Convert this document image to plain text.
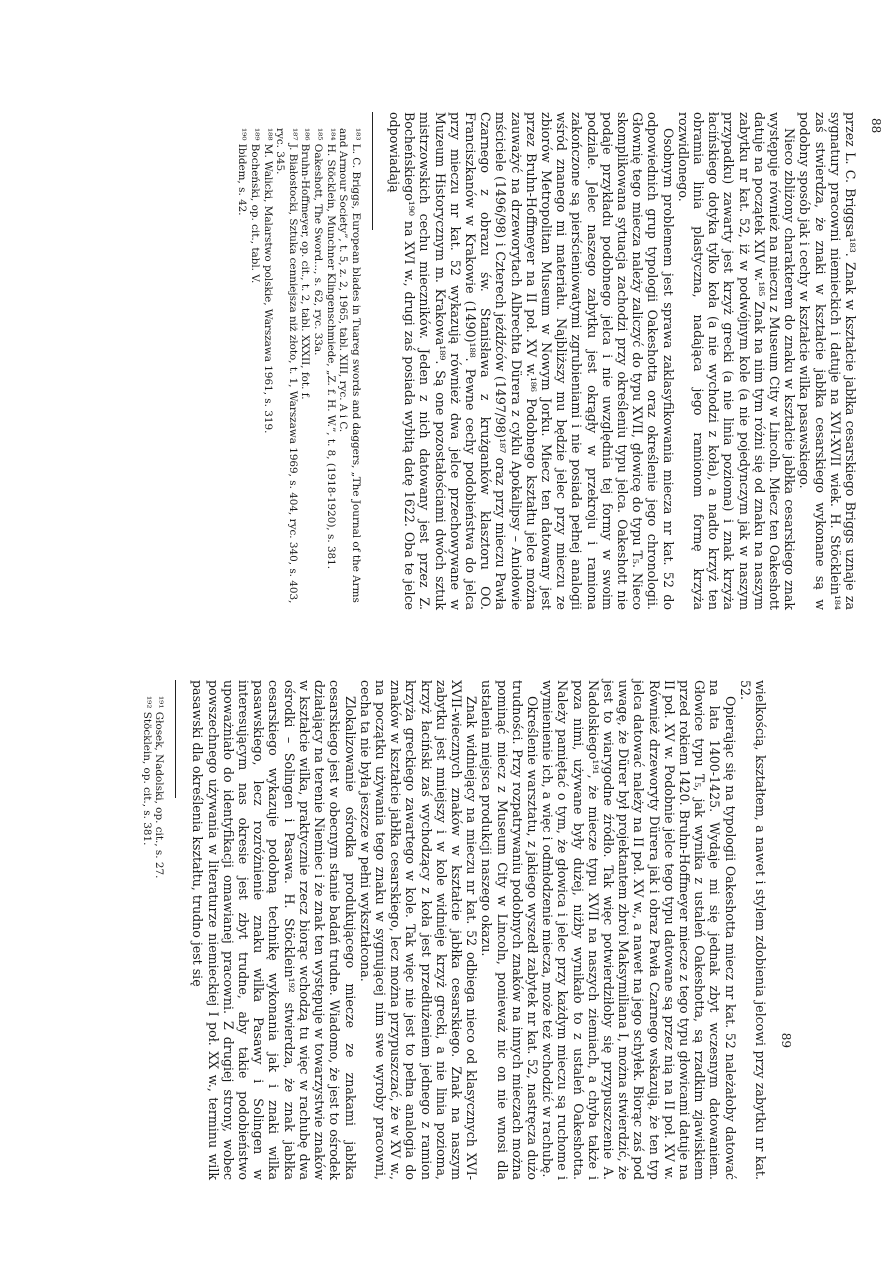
88

przez L. C. Briggsa¹⁸³. Znak w kształcie jabłka cesarskiego Briggs uznaje za sygnatury pracowni niemieckich i datuje na XVI-XVII wiek. H. Stöcklein¹⁸⁴ zaś stwierdza, że znaki w kształcie jabłka cesarskiego wykonane są w podobny sposób jak i cechy w kształcie wilka pasawskiego.

Nieco zbliżony charakterem do znaku w kształcie jabłka cesarskiego znak występuje również na mieczu z Museum City w Lincoln. Miecz ten Oakeshott datuje na początek XIV w.¹⁸⁵ Znak na nim tym różni się od znaku na naszym zabytku nr kat. 52, iż w podwójnym kole (a nie pojedynczym jak w naszym przypadku) zawarty jest krzyż grecki (a nie linia pozioma) i znak krzyża łacińskiego dotyka tylko koła (a nie wychodzi z koła), a nadto krzyż ten obramia linia plastyczna, nadająca jego ramionom formę krzyża rozwidlonego.

Osobnym problemem jest sprawa zaklasyfikowania miecza nr kat. 52 do odpowiednich grup typologii Oakeshotta oraz określenie jego chronologii. Głownię tego miecza należy zaliczyć do typu XVII, głowicę do typu T₅. Nieco skomplikowana sytuacja zachodzi przy określeniu typu jelca. Oakeshott nie podaje przykładu podobnego jelca i nie uwzględnia tej formy w swoim podziale. Jelec naszego zabytku jest okrągły w przekroju i ramiona zakończone są pierścieniowatymi zgrubieniami i nie posiada pełnej analogii wśród znanego mi materiału. Najbliższy mu będzie jelec przy mieczu ze zbiorów Metropolitan Museum w Nowym Jorku. Miecz ten datowany jest przez Bruhn-Hoffmeyer na II poł. XV w.¹⁸⁶ Podobnego kształtu jelce można zauważyć na drzeworytach Albrechta Dürera z cyklu Apokalipsy – Aniołowie mściciele (1496/98) i Czterech jeźdźców (1497/98)¹⁸⁷ oraz przy mieczu Pawła Czarnego z obrazu św. Stanisława z krużganków klasztoru OO. Franciszkanów w Krakowie (1490)¹⁸⁸. Pewne cechy podobieństwa do jelca przy mieczu nr kat. 52 wykazują również dwa jelce przechowywane w Muzeum Historycznym m. Krakowa¹⁸⁹. Są one pozostałościami dwóch sztuk mistrzowskich cechu mieczników. Jeden z nich datowany jest przez Z. Bocheńskiego¹⁹⁰ na XVI w., drugi zaś posiada wybitą datę 1622. Oba te jelce odpowiadają

¹⁸³ L. C. Briggs, European blades in Tuareg swords and daggers, „The Journal of the Arms and Armour Society”, t. 5, z. 2, 1965, tabl. XIII, ryc. A i C.

¹⁸⁴ H. Stöcklein, Munchner Klingenschmiede, „Z. f. H. W.”, t. 8, (1918-1920), s. 381.

¹⁸⁵ Oakeshott, The Sword..., s. 62, ryc. 33a.

¹⁸⁶ Bruhn-Hoffmeyer, op. cit., t. 2, tabl. XXXII, fot. f.

¹⁸⁷ J. Białostocki, Sztuka cenniejsza niż złoto, t. 1, Warszawa 1969, s. 404, ryc. 340, s. 403, ryc. 345.

¹⁸⁸ M. Walicki, Malarstwo polskie, Warszawa 1961, s. 319.

¹⁸⁹ Bocheński, op. cit., tabl. V.

¹⁹⁰ Ibidem, s. 42.

89

wielkością, kształtem, a nawet i stylem zdobienia jelcowi przy zabytku nr kat. 52.

Opierając się na typologii Oakeshotta miecz nr kat. 52 należałoby datować na lata 1400-1425. Wydaje mi się jednak zbyt wczesnym datowaniem. Głowice typu T₅, jak wynika z ustaleń Oakeshotta, są rzadkim zjawiskiem przed rokiem 1420. Bruhn-Hoffmeyer miecze z tego typu głowicami datuje na II poł. XV w. Podobnie jelce tego typu datowane są przez nią na II poł. XV w. Również drzeworyty Dürera jak i obraz Pawła Czarnego wskazują, że ten typ jelca datować należy na II poł. XV w., a nawet na jego schyłek. Biorąc zaś pod uwagę, że Dürer był projektantem zbroi Maksymiliana I, można stwierdzić, że jest to wiarygodne źródło. Tak więc potwierdziłoby się przypuszczenie A. Nadolskiego¹⁹¹, że miecze typu XVII na naszych ziemiach, a chyba także i poza nimi, używane były dużej, niżby wynikało to z ustaleń Oakeshotta. Należy pamiętać o tym, że głowica i jelec przy każdym mieczu są ruchome i wymienienie ich, a więc i odmłodzenie miecza, może też wchodzić w rachubę.

Określenie warsztatu, z jakiego wyszedł zabytek nr kat. 52, nastręcza dużo trudności. Przy rozpatrywaniu podobnych znaków na innych mieczach można pominąć miecz z Museum City w Lincoln, ponieważ nic on nie wnosi dla ustalenia miejsca produkcji naszego okazu.

Znak widniejący na mieczu nr kat. 52 odbiega nieco od klasycznych XVI-XVII-wiecznych znaków w kształcie jabłka cesarskiego. Znak na naszym zabytku jest mniejszy i w kole widnieje krzyż grecki, a nie linia pozioma, krzyż łaciński zaś wychodzący z koła jest przedłużeniem jednego z ramion krzyża greckiego zawartego w kole. Tak więc nie jest to pełna analogia do znaków w kształcie jabłka cesarskiego, lecz można przypuszczać, że w XV w., na początku używania tego znaku w sygnującej nim swe wyroby pracowni, cecha ta nie była jeszcze w pełni wykształcona.

Zlokalizowanie ośrodka produkującego miecze ze znakami jabłka cesarskiego jest w obecnym stanie badań trudne. Wiadomo, że jest to ośrodek działający na terenie Niemiec i że znak ten występuje w towarzystwie znaków w kształcie wilka, praktycznie rzecz biorąc wchodzą tu więc w rachubę dwa ośrodki – Solingen i Pasawa. H. Stöcklein¹⁹² stwierdza, że znak jabłka cesarskiego wykazuje podobną technikę wykonania jak i znaki wilka pasawskiego, lecz rozróżnienie znaku wilka Pasawy i Solingen w interesującym nas okresie jest zbyt trudne, aby takie podobieństwo upoważniało do identyfikacji omawianej pracowni. Z drugiej strony, wobec powszechnego używania w literaturze niemieckiej I poł. XX w., terminu wilk pasawski dla określenia kształtu, trudno jest się

¹⁹¹ Głosek, Nadolski, op. cit., s. 27.

¹⁹² Stöcklein, op. cit., s. 381.
